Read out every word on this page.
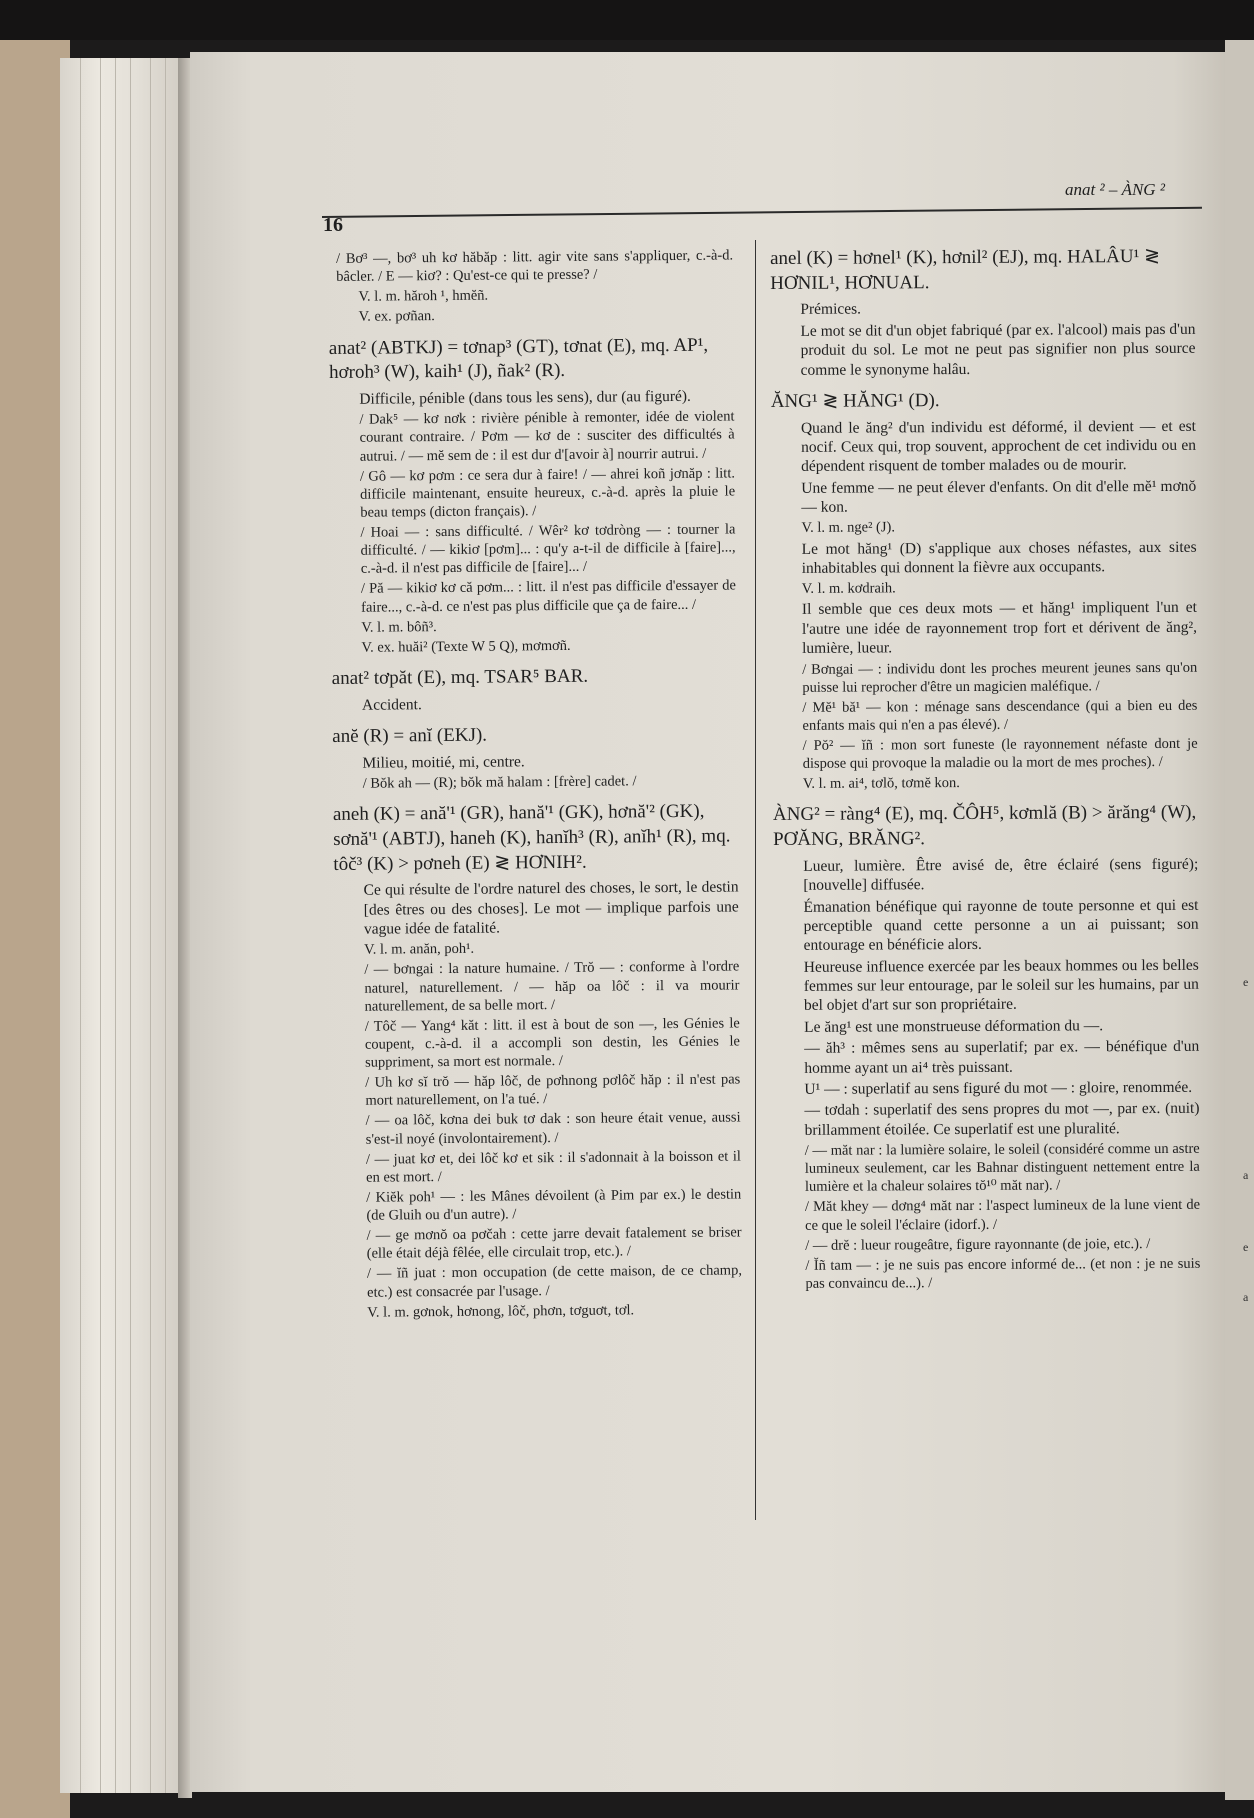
e
a
e
a
anat ² – ÀNG ²
16
/ Bơ³ —, bơ³ uh kơ hăbăp : litt. agir vite sans s'appliquer, c.-à-d. bâcler. / E — kiơ? : Qu'est-ce qui te presse? /
V. l. m. hăroh ¹, hmĕñ.
V. ex. pơñan.
anat² (ABTKJ) = tơnap³ (GT), tơnat (E), mq. AP¹, hơroh³ (W), kaih¹ (J), ñak² (R).
Difficile, pénible (dans tous les sens), dur (au figuré).
/ Dak⁵ — kơ nơk : rivière pénible à remonter, idée de violent courant contraire. / Pơm — kơ de : susciter des difficultés à autrui. / — mĕ sem de : il est dur d'[avoir à] nourrir autrui. /
/ Gô — kơ pơm : ce sera dur à faire! / — ahrei koñ jơnăp : litt. difficile maintenant, ensuite heureux, c.-à-d. après la pluie le beau temps (dicton français). /
/ Hoai — : sans difficulté. / Wêr² kơ tơdròng — : tourner la difficulté. / — kikiơ [pơm]... : qu'y a-t-il de difficile à [faire]..., c.-à-d. il n'est pas difficile de [faire]... /
/ Pă — kikiơ kơ că pơm... : litt. il n'est pas difficile d'essayer de faire..., c.-à-d. ce n'est pas plus difficile que ça de faire... /
V. l. m. bôñ³.
V. ex. huăi² (Texte W 5 Q), mơmơñ.
anat² tơpăt (E), mq. TSAR⁵ BAR.
Accident.
anĕ (R) = anĭ (EKJ).
Milieu, moitié, mi, centre.
/ Bŏk ah — (R); bŏk mă halam : [frère] cadet. /
aneh (K) = ană'¹ (GR), hană'¹ (GK), hơnă'² (GK), sơnă'¹ (ABTJ), haneh (K), hanĭh³ (R), anĭh¹ (R), mq. tôč³ (K) > pơneh (E) ≷ HƠNIH².
Ce qui résulte de l'ordre naturel des choses, le sort, le destin [des êtres ou des choses]. Le mot — implique parfois une vague idée de fatalité.
V. l. m. anăn, poh¹.
/ — bơngai : la nature humaine. / Trŏ — : conforme à l'ordre naturel, naturellement. / — hăp oa lôč : il va mourir naturellement, de sa belle mort. /
/ Tôč — Yang⁴ kăt : litt. il est à bout de son —, les Génies le coupent, c.-à-d. il a accompli son destin, les Génies le suppriment, sa mort est normale. /
/ Uh kơ sĭ trŏ — hăp lôč, de pơhnong pơlôč hăp : il n'est pas mort naturellement, on l'a tué. /
/ — oa lôč, kơna dei buk tơ dak : son heure était venue, aussi s'est-il noyé (involontairement). /
/ — juat kơ et, dei lôč kơ et sik : il s'adonnait à la boisson et il en est mort. /
/ Kiĕk poh¹ — : les Mânes dévoilent (à Pim par ex.) le destin (de Gluih ou d'un autre). /
/ — ge mơnŏ oa pơčah : cette jarre devait fatalement se briser (elle était déjà fêlée, elle circulait trop, etc.). /
/ — ĭñ juat : mon occupation (de cette maison, de ce champ, etc.) est consacrée par l'usage. /
V. l. m. gơnok, hơnong, lôč, phơn, tơguơt, tơl.
anel (K) = hơnel¹ (K), hơnil² (EJ), mq. HALÂU¹ ≷ HƠNIL¹, HƠNUAL.
Prémices.
Le mot se dit d'un objet fabriqué (par ex. l'alcool) mais pas d'un produit du sol. Le mot ne peut pas signifier non plus source comme le synonyme halâu.
ĂNG¹ ≷ HĂNG¹ (D).
Quand le ăng² d'un individu est déformé, il devient — et est nocif. Ceux qui, trop souvent, approchent de cet individu ou en dépendent risquent de tomber malades ou de mourir.
Une femme — ne peut élever d'enfants. On dit d'elle mĕ¹ mơnŏ — kon.
V. l. m. nge² (J).
Le mot hăng¹ (D) s'applique aux choses néfastes, aux sites inhabitables qui donnent la fièvre aux occupants.
V. l. m. kơdraih.
Il semble que ces deux mots — et hăng¹ impliquent l'un et l'autre une idée de rayonnement trop fort et dérivent de ăng², lumière, lueur.
/ Bơngai — : individu dont les proches meurent jeunes sans qu'on puisse lui reprocher d'être un magicien maléfique. /
/ Mĕ¹ bă¹ — kon : ménage sans descendance (qui a bien eu des enfants mais qui n'en a pas élevé). /
/ Pŏ² — ĭñ : mon sort funeste (le rayonnement néfaste dont je dispose qui provoque la maladie ou la mort de mes proches). /
V. l. m. ai⁴, tơlŏ, tơmĕ kon.
ÀNG² = ràng⁴ (E), mq. ČÔH⁵, kơmlă (B) > ărăng⁴ (W), PƠĂNG, BRĂNG².
Lueur, lumière. Être avisé de, être éclairé (sens figuré); [nouvelle] diffusée.
Émanation bénéfique qui rayonne de toute personne et qui est perceptible quand cette personne a un ai puissant; son entourage en bénéficie alors.
Heureuse influence exercée par les beaux hommes ou les belles femmes sur leur entourage, par le soleil sur les humains, par un bel objet d'art sur son propriétaire.
Le ăng¹ est une monstrueuse déformation du —.
— ăh³ : mêmes sens au superlatif; par ex. — bénéfique d'un homme ayant un ai⁴ très puissant.
U¹ — : superlatif au sens figuré du mot — : gloire, renommée.
— tơdah : superlatif des sens propres du mot —, par ex. (nuit) brillamment étoilée. Ce superlatif est une pluralité.
/ — măt nar : la lumière solaire, le soleil (considéré comme un astre lumineux seulement, car les Bahnar distinguent nettement entre la lumière et la chaleur solaires tŏ¹⁰ măt nar). /
/ Măt khey — dơng⁴ măt nar : l'aspect lumineux de la lune vient de ce que le soleil l'éclaire (idorf.). /
/ — drĕ : lueur rougeâtre, figure rayonnante (de joie, etc.). /
/ Ĭñ tam — : je ne suis pas encore informé de... (et non : je ne suis pas convaincu de...). /
